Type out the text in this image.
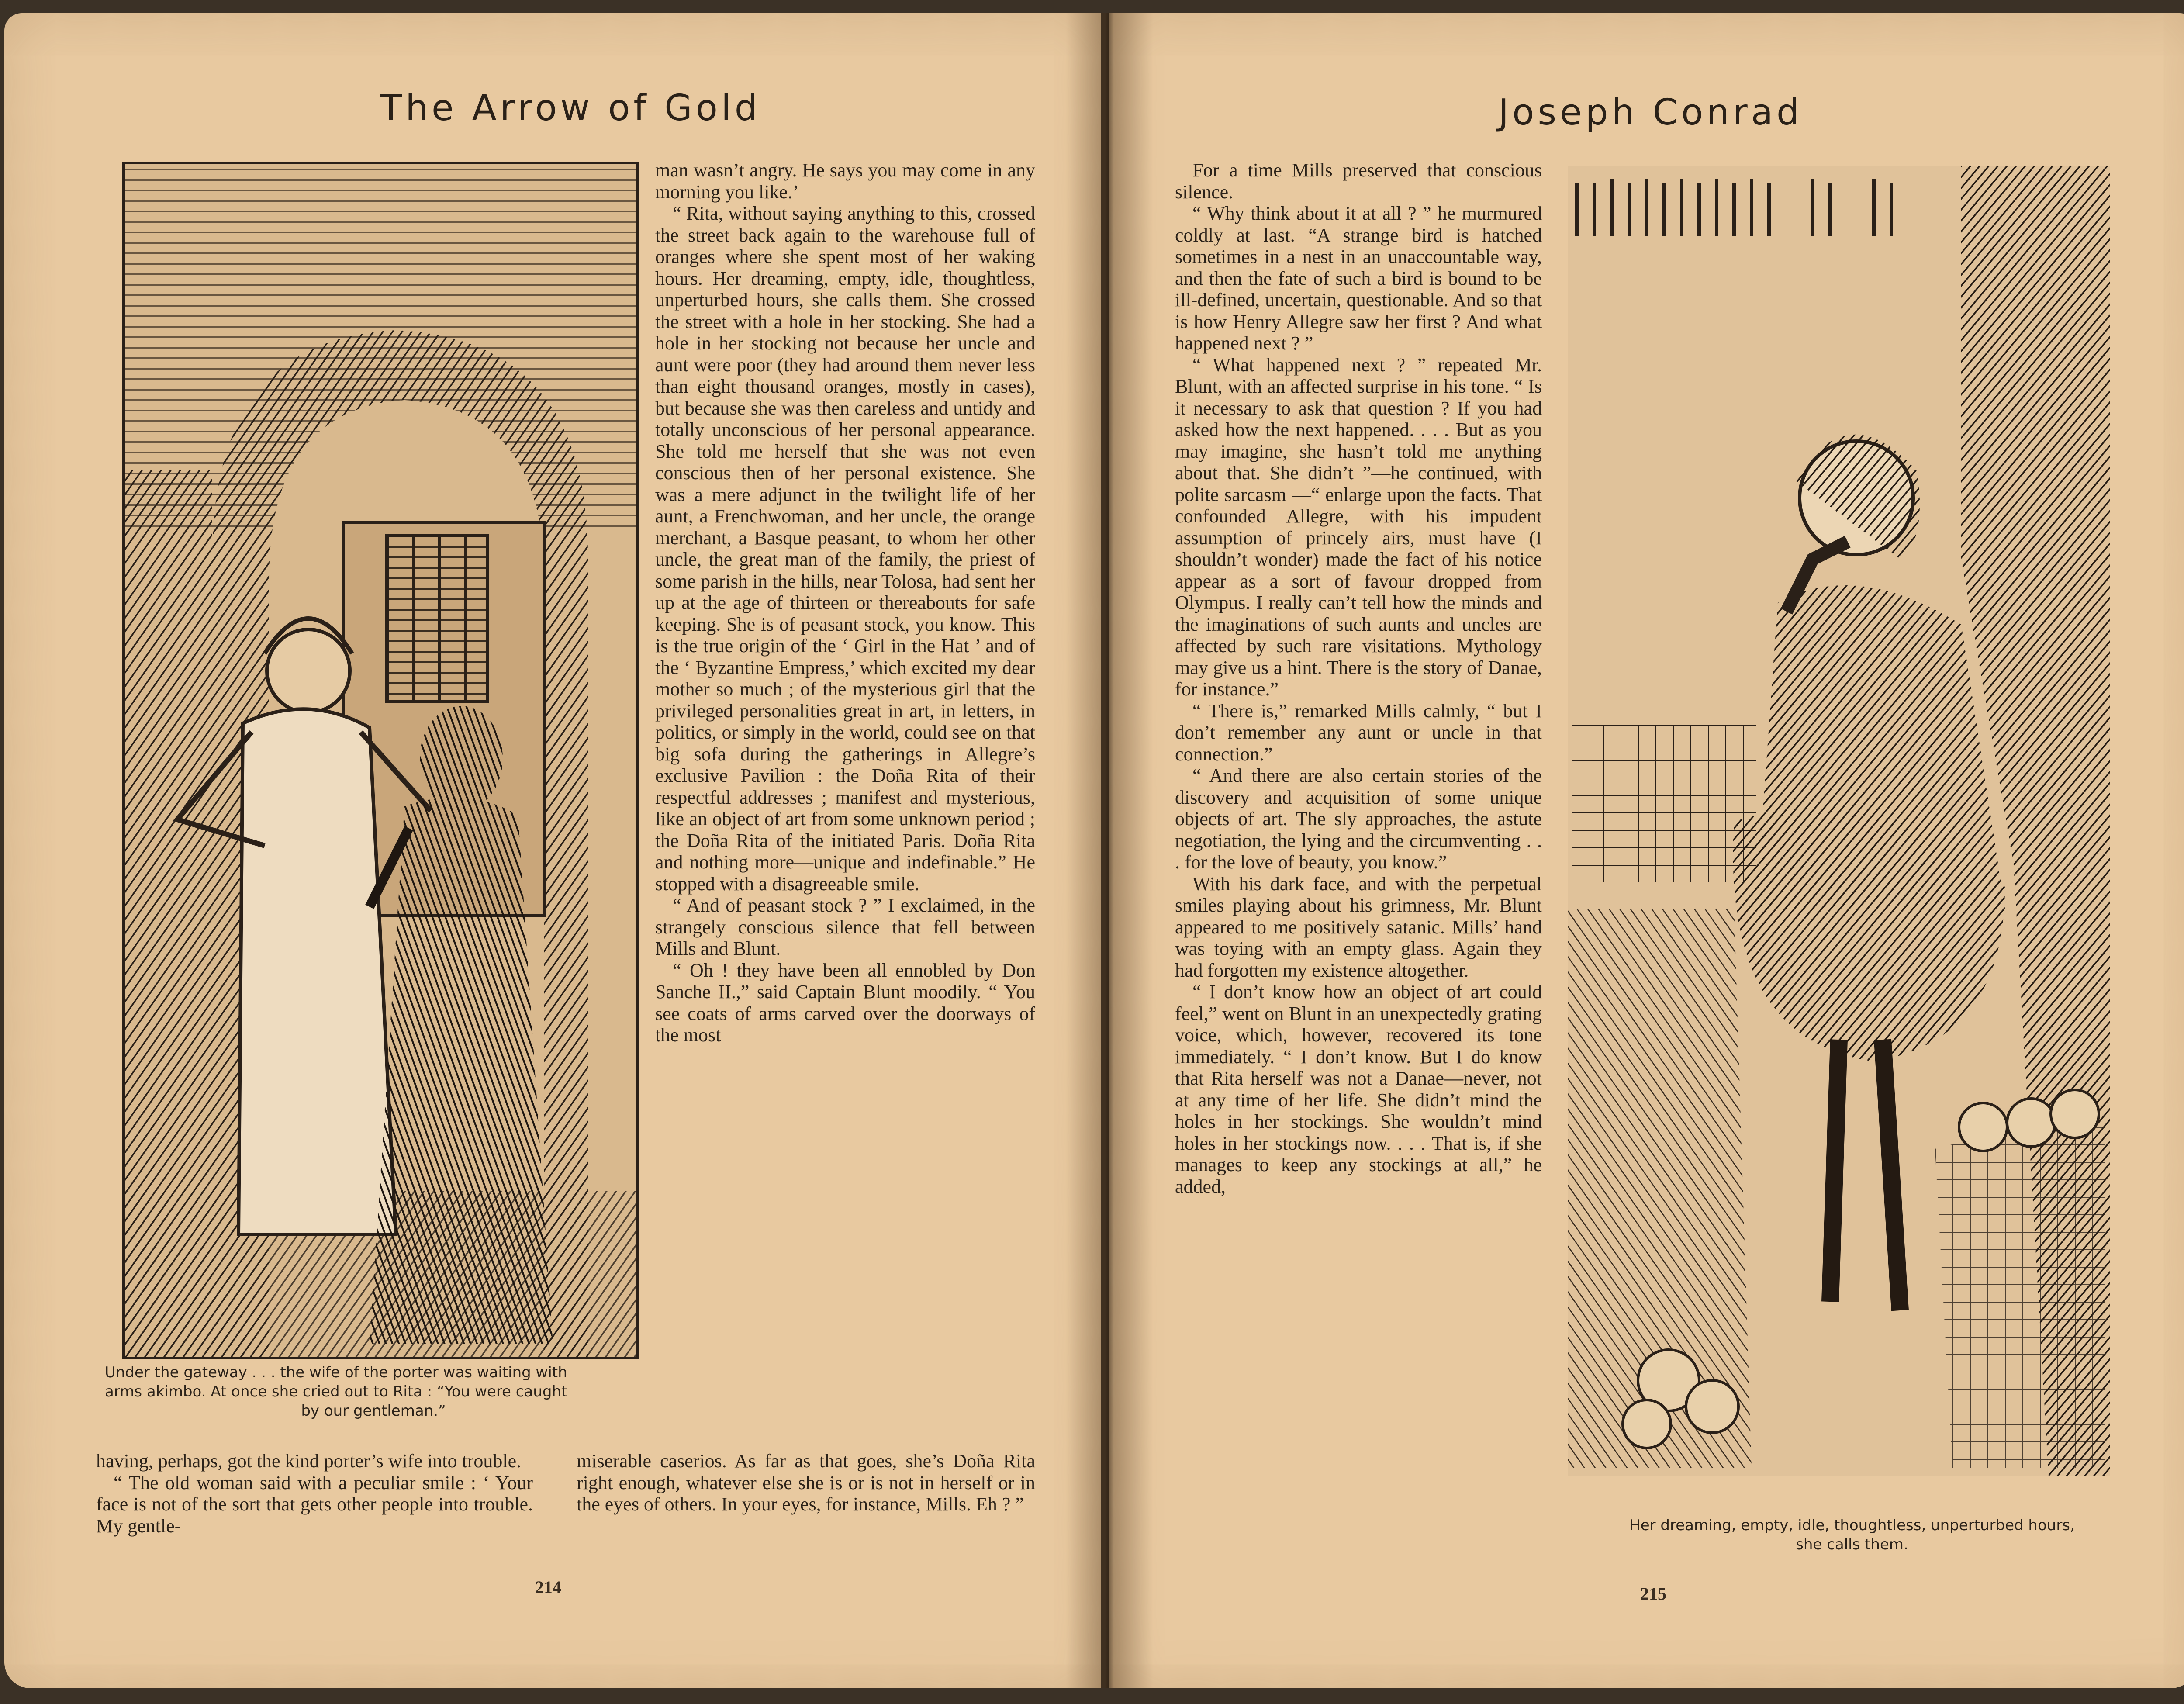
The Arrow of Gold
Under the gateway . . . the wife of the porter was waiting with
arms akimbo. At once she cried out to Rita : “You were caught
by our gentleman.”

man wasn’t angry. He says you may come in any morning you like.’

“ Rita, without saying anything to this, crossed the street back again to the warehouse full of oranges where she spent most of her waking hours. Her dreaming, empty, idle, thoughtless, unperturbed hours, she calls them. She crossed the street with a hole in her stocking. She had a hole in her stocking not because her uncle and aunt were poor (they had around them never less than eight thousand oranges, mostly in cases), but because she was then careless and untidy and totally unconscious of her personal appearance. She told me herself that she was not even conscious then of her personal existence. She was a mere adjunct in the twilight life of her aunt, a Frenchwoman, and her uncle, the orange merchant, a Basque peasant, to whom her other uncle, the great man of the family, the priest of some parish in the hills, near Tolosa, had sent her up at the age of thirteen or thereabouts for safe keeping. She is of peasant stock, you know. This is the true origin of the ‘ Girl in the Hat ’ and of the ‘ Byzantine Empress,’ which excited my dear mother so much ; of the mysterious girl that the privileged personalities great in art, in letters, in politics, or simply in the world, could see on that big sofa during the gatherings in Allegre’s exclusive Pavilion : the Doña Rita of their respectful addresses ; manifest and mysterious, like an object of art from some unknown period ; the Doña Rita of the initiated Paris. Doña Rita and nothing more—unique and indefinable.” He stopped with a disagreeable smile.

“ And of peasant stock ? ” I exclaimed, in the strangely conscious silence that fell between Mills and Blunt.

“ Oh ! they have been all ennobled by Don Sanche II.,” said Captain Blunt moodily. “ You see coats of arms carved over the doorways of the most

having, perhaps, got the kind porter’s wife into trouble.

“ The old woman said with a peculiar smile : ‘ Your face is not of the sort that gets other people into trouble. My gentle-

miserable caserios. As far as that goes, she’s Doña Rita right enough, whatever else she is or is not in herself or in the eyes of others. In your eyes, for instance, Mills. Eh ? ”

214
Joseph Conrad

For a time Mills preserved that conscious silence.

“ Why think about it at all ? ” he murmured coldly at last. “A strange bird is hatched sometimes in a nest in an unaccountable way, and then the fate of such a bird is bound to be ill-defined, uncertain, questionable. And so that is how Henry Allegre saw her first ? And what happened next ? ”

“ What happened next ? ” repeated Mr. Blunt, with an affected surprise in his tone. “ Is it necessary to ask that question ? If you had asked how the next happened. . . . But as you may imagine, she hasn’t told me anything about that. She didn’t ”—he continued, with polite sarcasm —“ enlarge upon the facts. That confounded Allegre, with his impudent assumption of princely airs, must have (I shouldn’t wonder) made the fact of his notice appear as a sort of favour dropped from Olympus. I really can’t tell how the minds and the imaginations of such aunts and uncles are affected by such rare visitations. Mythology may give us a hint. There is the story of Danae, for instance.”

“ There is,” remarked Mills calmly, “ but I don’t remember any aunt or uncle in that connection.”

“ And there are also certain stories of the discovery and acquisition of some unique objects of art. The sly approaches, the astute negotiation, the lying and the circumventing . . . for the love of beauty, you know.”

With his dark face, and with the perpetual smiles playing about his grimness, Mr. Blunt appeared to me positively satanic. Mills’ hand was toying with an empty glass. Again they had forgotten my existence altogether.

“ I don’t know how an object of art could feel,” went on Blunt in an unexpectedly grating voice, which, however, recovered its tone immediately. “ I don’t know. But I do know that Rita herself was not a Danae—never, not at any time of her life. She didn’t mind the holes in her stockings. She wouldn’t mind holes in her stockings now. . . . That is, if she manages to keep any stockings at all,” he added,

Her dreaming, empty, idle, thoughtless, unperturbed hours,
she calls them.
215
